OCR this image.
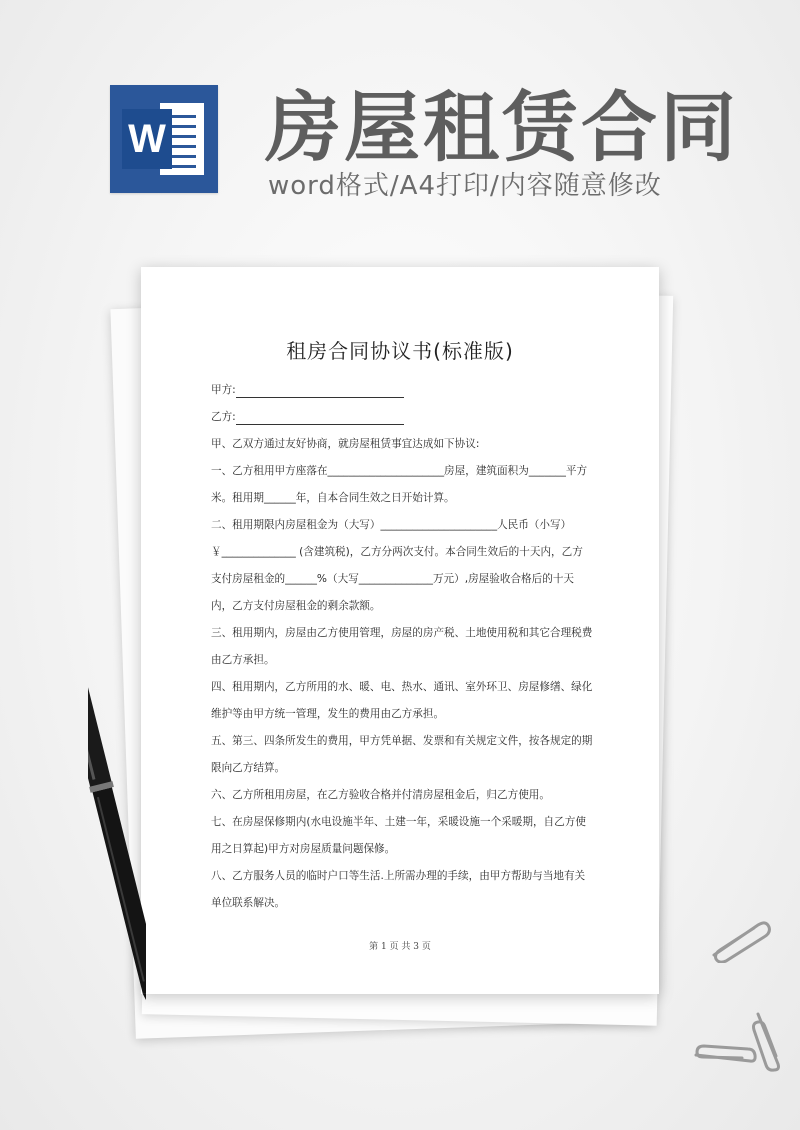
W 房屋租赁合同
word格式/A4打印/内容随意修改
租房合同协议书(标准版)
甲方:
乙方:

甲、乙双方通过友好协商，就房屋租赁事宜达成如下协议:

一、乙方租用甲方座落在______________________房屋，建筑面积为_______平方米。租用期______年，自本合同生效之日开始计算。

二、租用期限内房屋租金为（大写）______________________人民币（小写）￥______________ (含建筑税)，乙方分两次支付。本合同生效后的十天内，乙方支付房屋租金的______%（大写______________万元）,房屋验收合格后的十天内，乙方支付房屋租金的剩余款额。

三、租用期内，房屋由乙方使用管理，房屋的房产税、土地使用税和其它合理税费由乙方承担。

四、租用期内，乙方所用的水、暖、电、热水、通讯、室外环卫、房屋修缮、绿化维护等由甲方统一管理，发生的费用由乙方承担。

五、第三、四条所发生的费用，甲方凭单据、发票和有关规定文件，按各规定的期限向乙方结算。

六、乙方所租用房屋，在乙方验收合格并付清房屋租金后，归乙方使用。

七、在房屋保修期内(水电设施半年、土建一年，采暖设施一个采暖期，自乙方使用之日算起)甲方对房屋质量问题保修。

八、乙方服务人员的临时户口等生活.上所需办理的手续，由甲方帮助与当地有关单位联系解决。

第 1 页 共 3 页
